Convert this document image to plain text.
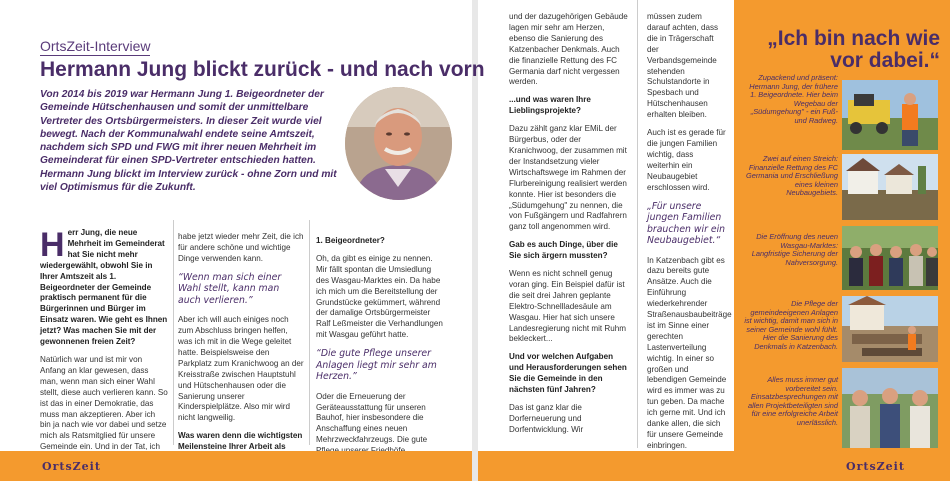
OrtsZeit-Interview
Hermann Jung blickt zurück - und nach vorn
Von 2014 bis 2019 war Hermann Jung 1. Beigeordneter der Gemeinde Hütschenhausen und somit der unmittelbare Vertreter des Ortsbürgermeisters. In dieser Zeit wurde viel bewegt. Nach der Kommunalwahl endete seine Amtszeit, nachdem sich SPD und FWG mit ihrer neuen Mehrheit im Gemeinderat für einen SPD-Vertreter entschieden hatten. Hermann Jung blickt im Interview zurück - ohne Zorn und mit viel Optimismus für die Zukunft.

Herr Jung, die neue Mehrheit im Gemeinderat hat Sie nicht mehr wiedergewählt, obwohl Sie in Ihrer Amtszeit als 1. Beigeordneter der Gemeinde praktisch permanent für die Bürgerinnen und Bürger im Einsatz waren. Wie geht es Ihnen jetzt? Was machen Sie mit der gewonnenen freien Zeit?

Natürlich war und ist mir von Anfang an klar gewesen, dass man, wenn man sich einer Wahl stellt, diese auch verlieren kann. So ist das in einer Demokratie, das muss man akzeptieren. Aber ich bin ja nach wie vor dabei und setze mich als Ratsmitglied für unsere Gemeinde ein. Und in der Tat, ich

habe jetzt wieder mehr Zeit, die ich für andere schöne und wichtige Dinge verwenden kann.

“Wenn man sich einer Wahl stellt, kann man auch verlieren.”

Aber ich will auch einiges noch zum Abschluss bringen helfen, was ich mit in die Wege geleitet hatte. Beispielsweise den Parkplatz zum Kranichwoog an der Kreisstraße zwischen Hauptstuhl und Hütschenhausen oder die Sanierung unserer Kinderspielplätze. Also mir wird nicht langweilig.

Was waren denn die wichtigsten Meilensteine Ihrer Arbeit als

1. Beigeordneter?

Oh, da gibt es einige zu nennen. Mir fällt spontan die Umsiedlung des Wasgau-Marktes ein. Da habe ich mich um die Bereitstellung der Grundstücke gekümmert, während der damalige Ortsbürgermeister Ralf Leßmeister die Verhandlungen mit Wasgau geführt hatte.

“Die gute Pflege unserer Anlagen liegt mir sehr am Herzen.”

Oder die Erneuerung der Geräteausstattung für unseren Bauhof, hier insbesondere die Anschaffung eines neuen Mehrzweckfahrzeugs. Die gute

OrtsZeit

und der dazugehörigen Gebäude lagen mir sehr am Herzen, ebenso die Sanierung des Katzenbacher Denkmals. Auch die finanzielle Rettung des FC Germania darf nicht vergessen werden.

...und was waren Ihre Lieblingsprojekte?

Dazu zählt ganz klar EMiL der Bürgerbus, oder der Kranichwoog, der zusammen mit der Instandsetzung vieler Wirtschaftswege im Rahmen der Flurbereinigung realisiert werden konnte. Hier ist besonders die „Südumgehung" zu nennen, die von Fußgängern und Radfahrern ganz toll angenommen wird.

Gab es auch Dinge, über die Sie sich ärgern mussten?

Wenn es nicht schnell genug voran ging. Ein Beispiel dafür ist die seit drei Jahren geplante Elektro-Schnellladesäule am Wasgau. Hier hat sich unsere Landesregierung nicht mit Ruhm bekleckert...

Und vor welchen Aufgaben und Herausforderungen sehen Sie die Gemeinde in den nächsten fünf Jahren?

Das ist ganz klar die Dorferneuerung und Dorfentwicklung. Wir

müssen zudem darauf achten, dass die in Trägerschaft der Verbandsgemeinde stehenden Schulstandorte in Spesbach und Hütschenhausen erhalten bleiben.

Auch ist es gerade für die jungen Familien wichtig, dass weiterhin ein Neubaugebiet erschlossen wird.

„Für unsere jungen Familien brauchen wir ein Neubaugebiet.“

In Katzenbach gibt es dazu bereits gute Ansätze. Auch die Einführung wiederkehrender Straßenausbaubeiträge ist im Sinne einer gerechten Lastenverteilung wichtig. In einer so großen und lebendigen Gemeinde wird es immer was zu tun geben. Da mache ich gerne mit. Und ich danke allen, die sich für unsere Gemeinde einbringen.

„Ich bin nach wie vor dabei.“
Zupackend und präsent: Hermann Jung, der frühere 1. Beigeordnete. Hier beim Wegebau der „Südumgehung" - ein Fuß- und Radweg.
Zwei auf einen Streich: Finanzielle Rettung des FC Germania und Erschließung eines kleinen Neubaugebiets.
Die Eröffnung des neuen Wasgau-Marktes: Langfristige Sicherung der Nahversorgung.
Die Pflege der gemeindeeigenen Anlagen ist wichtig, damit man sich in seiner Gemeinde wohl fühlt. Hier die Sanierung des Denkmals in Katzenbach.
Alles muss immer gut vorbereitet sein. Einsatzbesprechungen mit allen Projektbeteiligten sind für eine erfolgreiche Arbeit unerlässlich.
OrtsZeit
